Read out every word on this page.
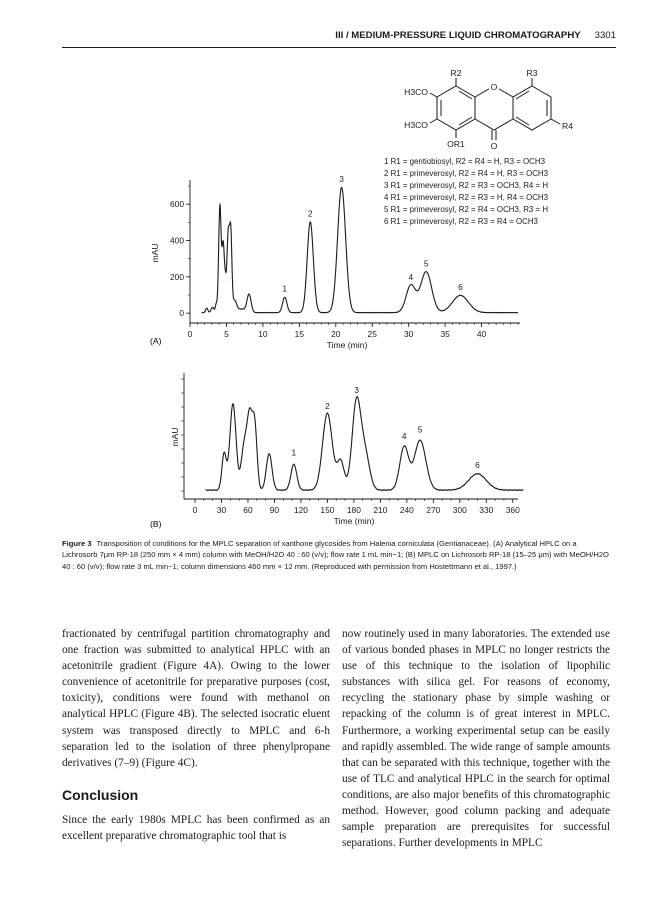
III / MEDIUM-PRESSURE LIQUID CHROMATOGRAPHY 3301
R2	R3
H3CO
H3CO	R4
OR1
O
O
1 R1 = gentiobiosyl, R2 = R4 = H, R3 = OCH3
2 R1 = primeverosyl, R2 = R4 = H, R3 = OCH3
3 R1 = primeverosyl, R2 = R3 = OCH3, R4 = H
4 R1 = primeverosyl, R2 = R3 = H, R4 = OCH3
5 R1 = primeverosyl, R2 = R4 = OCH3, R3 = H
6 R1 = primeverosyl, R2 = R3 = R4 = OCH3
(A)
0	5	10	15	20	25	30	35	40
0
200
400
600
Time (min)
mAU
1
2
3
4
5
6
(B)
0 30 60 90 120 150 180 210 240 270 300 330 360
Time (min)
mAU
1
2
3
4
5
6
Figure 3 Transposition of conditions for the MPLC separation of xanthone glycosides from Halenia corniculata (Gentianaceae). (A) Analytical HPLC on a Lichrosorb 7μm RP-18 (250 mm × 4 mm) column with MeOH/H2O 40 : 60 (v/v); flow rate 1 mL min−1; (B) MPLC on Lichrosorb RP-18 (15–25 μm) with MeOH/H2O 40 : 60 (v/v); flow rate 3 mL min−1; column dimensions 460 mm × 12 mm. (Reproduced with permission from Hostettmann et al., 1997.)

fractionated by centrifugal partition chromatography and one fraction was submitted to analytical HPLC with an acetonitrile gradient (Figure 4A). Owing to the lower convenience of acetonitrile for preparative purposes (cost, toxicity), conditions were found with methanol on analytical HPLC (Figure 4B). The selected isocratic eluent system was transposed directly to MPLC and 6-h separation led to the isolation of three phenylpropane derivatives (7–9) (Figure 4C).

Conclusion

Since the early 1980s MPLC has been confirmed as an excellent preparative chromatographic tool that is

now routinely used in many laboratories. The extended use of various bonded phases in MPLC no longer restricts the use of this technique to the isolation of lipophilic substances with silica gel. For reasons of economy, recycling the stationary phase by simple washing or repacking of the column is of great interest in MPLC. Furthermore, a working experimental setup can be easily and rapidly assembled. The wide range of sample amounts that can be separated with this technique, together with the use of TLC and analytical HPLC in the search for optimal conditions, are also major benefits of this chromatographic method. However, good column packing and adequate sample preparation are prerequisites for successful separations. Further developments in MPLC
